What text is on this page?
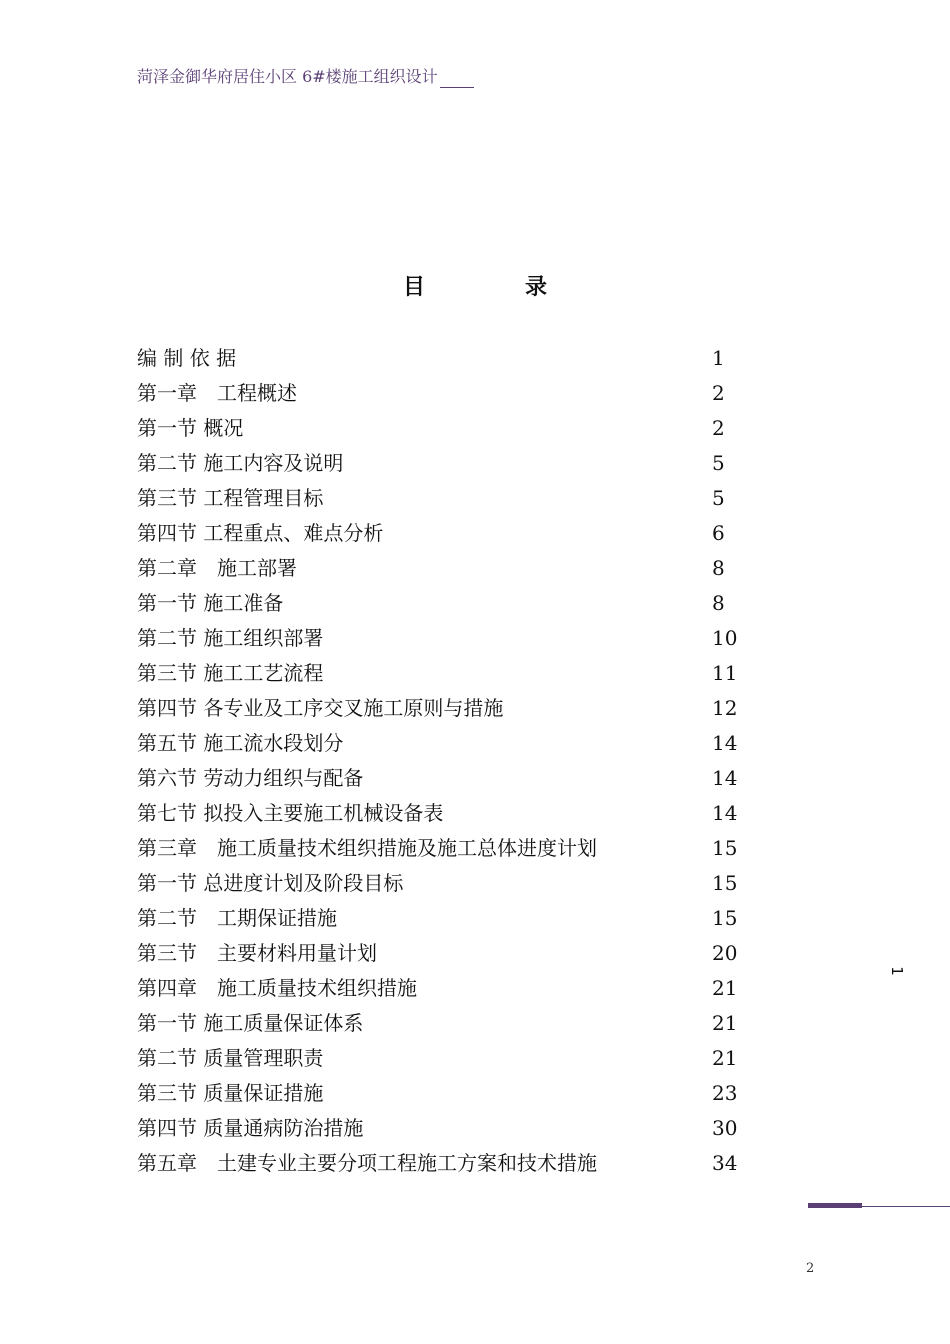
菏泽金御华府居住小区 6#楼施工组织设计
目	录
编 制 依 据	1
第一章　工程概述	2
第一节 概况	2
第二节 施工内容及说明	5
第三节 工程管理目标	5
第四节 工程重点、难点分析	6
第二章　施工部署	8
第一节 施工准备	8
第二节 施工组织部署	10
第三节 施工工艺流程	11
第四节 各专业及工序交叉施工原则与措施	12
第五节 施工流水段划分	14
第六节 劳动力组织与配备	14
第七节 拟投入主要施工机械设备表	14
第三章　施工质量技术组织措施及施工总体进度计划	15
第一节 总进度计划及阶段目标	15
第二节　工期保证措施	15
第三节　主要材料用量计划	20
第四章　施工质量技术组织措施	21
第一节 施工质量保证体系	21
第二节 质量管理职责	21
第三节 质量保证措施	23
第四节 质量通病防治措施	30
第五章　土建专业主要分项工程施工方案和技术措施	34
1
2
